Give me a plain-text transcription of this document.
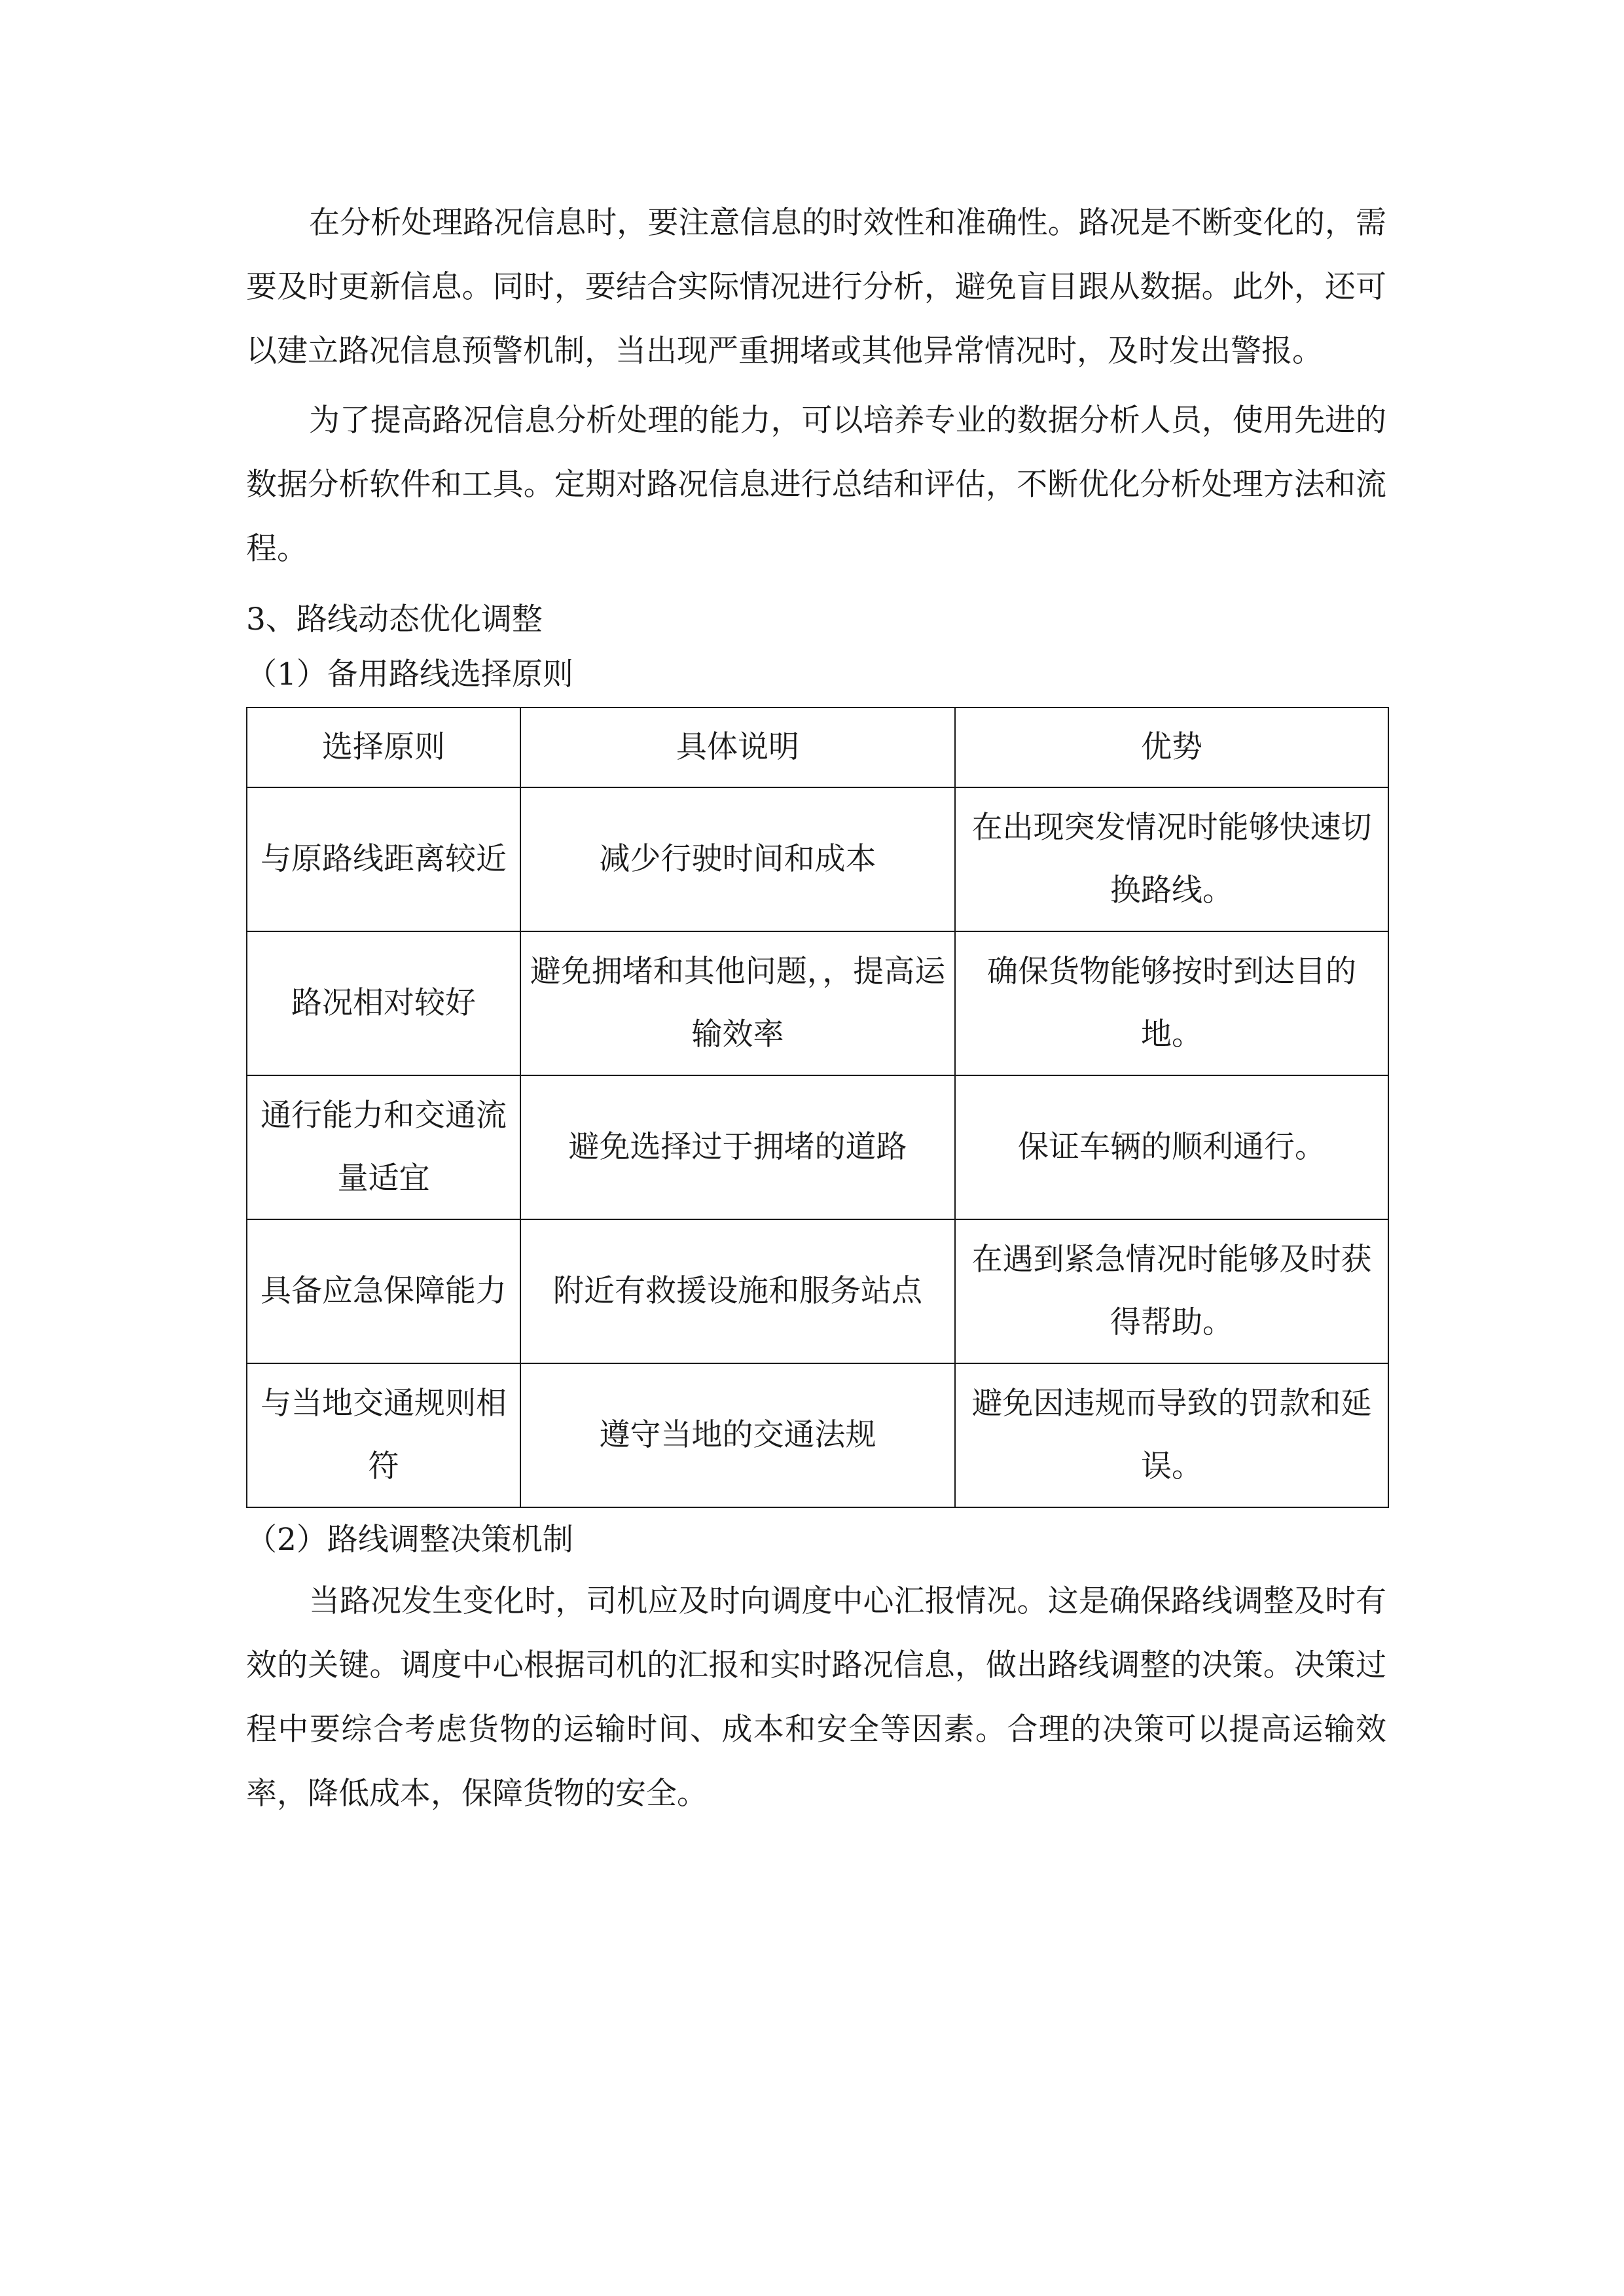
在分析处理路况信息时，要注意信息的时效性和准确性。路况是不断变化的，需要及时更新信息。同时，要结合实际情况进行分析，避免盲目跟从数据。此外，还可以建立路况信息预警机制，当出现严重拥堵或其他异常情况时，及时发出警报。

为了提高路况信息分析处理的能力，可以培养专业的数据分析人员，使用先进的数据分析软件和工具。定期对路况信息进行总结和评估，不断优化分析处理方法和流程。

3、路线动态优化调整

（1）备用路线选择原则

选择原则	具体说明	优势
与原路线距离较近	减少行驶时间和成本	在出现突发情况时能够快速切换路线。
路况相对较好	避免拥堵和其他问题，，提高运输效率	确保货物能够按时到达目的地。
通行能力和交通流量适宜	避免选择过于拥堵的道路	保证车辆的顺利通行。
具备应急保障能力	附近有救援设施和服务站点	在遇到紧急情况时能够及时获得帮助。
与当地交通规则相符	遵守当地的交通法规	避免因违规而导致的罚款和延误。

（2）路线调整决策机制

当路况发生变化时，司机应及时向调度中心汇报情况。这是确保路线调整及时有效的关键。调度中心根据司机的汇报和实时路况信息，做出路线调整的决策。决策过程中要综合考虑货物的运输时间、成本和安全等因素。合理的决策可以提高运输效率，降低成本，保障货物的安全。
